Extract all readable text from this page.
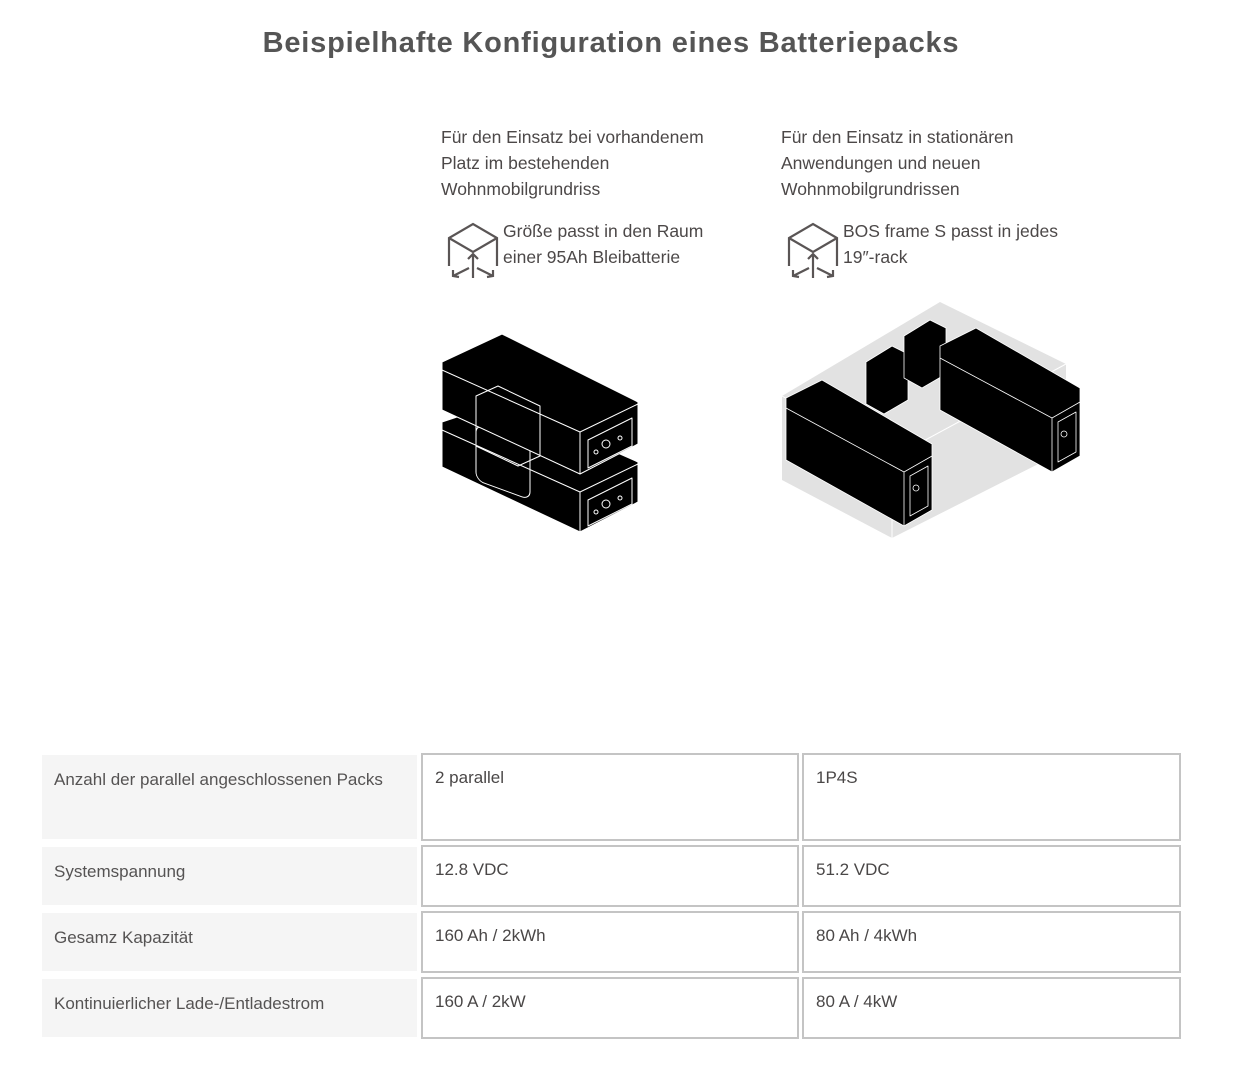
Beispielhafte Konfiguration eines Batteriepacks

Für den Einsatz bei vorhandenem Platz im bestehenden Wohnmobilgrundriss

Größe passt in den Raum einer 95Ah Bleibatterie

Für den Einsatz in stationären Anwendungen und neuen Wohnmobilgrundrissen

BOS frame S passt in jedes 19″-rack
Anzahl der parallel angeschlossenen Packs	2 parallel	1P4S
Systemspannung	12.8 VDC	51.2 VDC
Gesamz Kapazität	160 Ah / 2kWh	80 Ah / 4kWh
Kontinuierlicher Lade-/Entladestrom	160 A / 2kW	80 A / 4kW
